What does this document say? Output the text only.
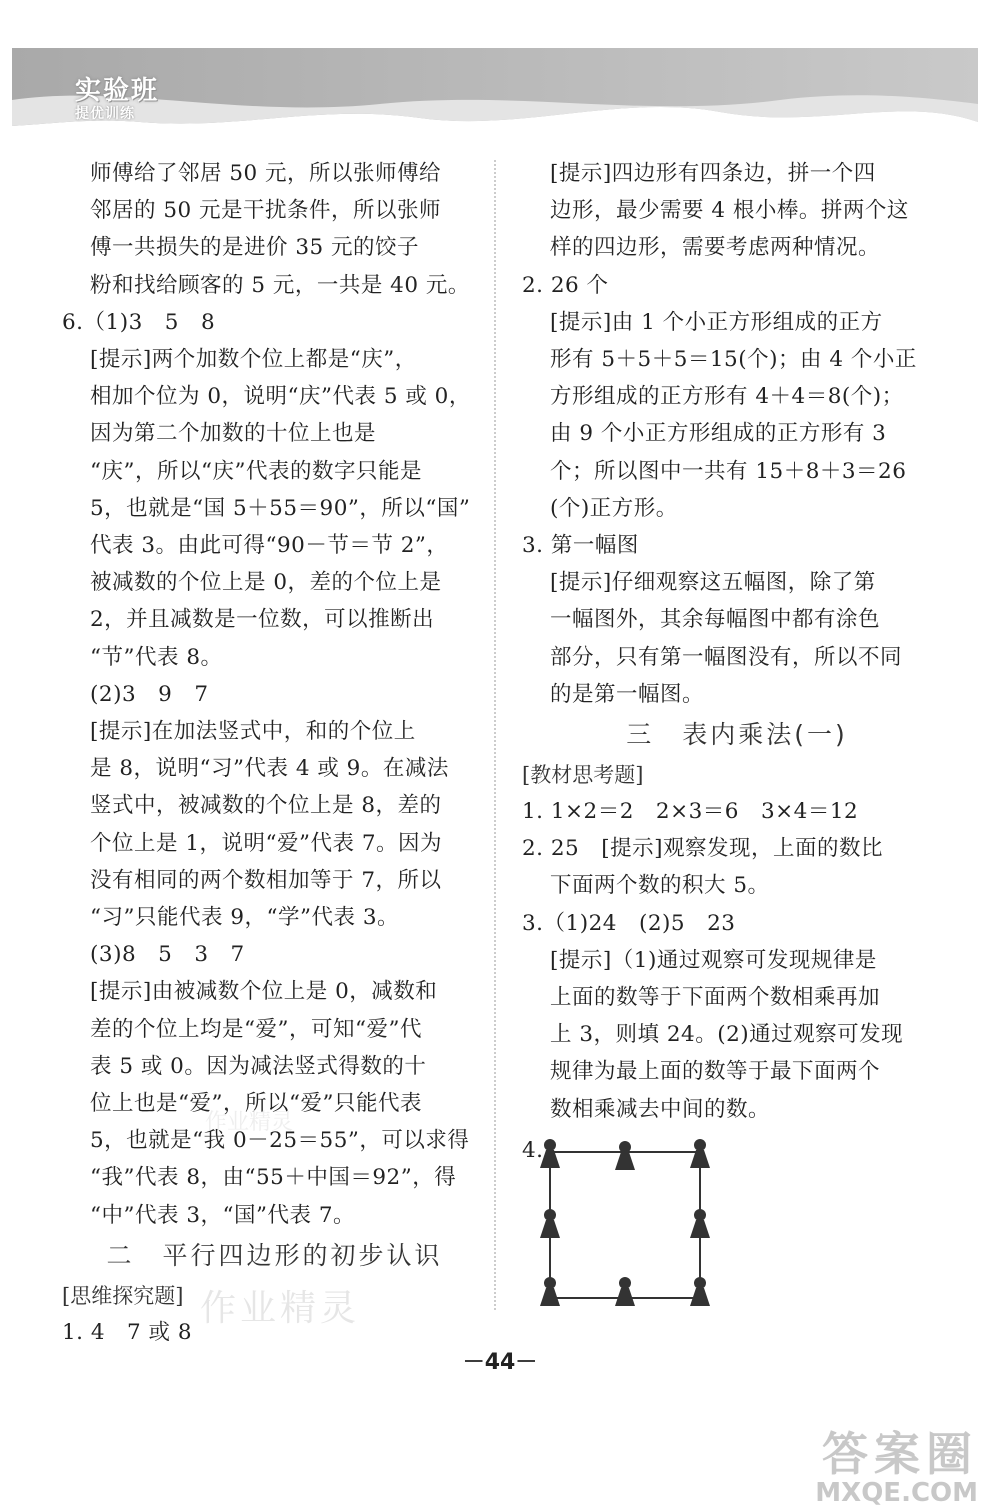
实验班
提优训练
师傅给了邻居 50 元，所以张师傅给
邻居的 50 元是干扰条件，所以张师
傅一共损失的是进价 35 元的饺子
粉和找给顾客的 5 元，一共是 40 元。
6.（1)3　5　8
[提示]两个加数个位上都是“庆”，
相加个位为 0，说明“庆”代表 5 或 0，
因为第二个加数的十位上也是
“庆”，所以“庆”代表的数字只能是
5，也就是“国 5＋55＝90”，所以“国”
代表 3。由此可得“90－节＝节 2”，
被减数的个位上是 0，差的个位上是
2，并且减数是一位数，可以推断出
“节”代表 8。
(2)3　9　7
[提示]在加法竖式中，和的个位上
是 8，说明“习”代表 4 或 9。在减法
竖式中，被减数的个位上是 8，差的
个位上是 1，说明“爱”代表 7。因为
没有相同的两个数相加等于 7，所以
“习”只能代表 9，“学”代表 3。
(3)8　5　3　7
[提示]由被减数个位上是 0，减数和
差的个位上均是“爱”，可知“爱”代
表 5 或 0。因为减法竖式得数的十
位上也是“爱”，所以“爱”只能代表
5，也就是“我 0－25＝55”，可以求得
“我”代表 8，由“55＋中国＝92”，得
“中”代表 3，“国”代表 7。
二　平行四边形的初步认识
[思维探究题]
1. 4　7 或 8
[提示]四边形有四条边，拼一个四
边形，最少需要 4 根小棒。拼两个这
样的四边形，需要考虑两种情况。
2. 26 个
[提示]由 1 个小正方形组成的正方
形有 5＋5＋5＝15(个)；由 4 个小正
方形组成的正方形有 4＋4＝8(个)；
由 9 个小正方形组成的正方形有 3
个；所以图中一共有 15＋8＋3＝26
(个)正方形。
3. 第一幅图
[提示]仔细观察这五幅图，除了第
一幅图外，其余每幅图中都有涂色
部分，只有第一幅图没有，所以不同
的是第一幅图。
三　表内乘法(一)
[教材思考题]
1. 1×2＝2　2×3＝6　3×4＝12
2. 25　[提示]观察发现，上面的数比
下面两个数的积大 5。
3.（1)24　(2)5　23
[提示]（1)通过观察可发现规律是
上面的数等于下面两个数相乘再加
上 3，则填 24。(2)通过观察可发现
规律为最上面的数等于最下面两个
数相乘减去中间的数。
4.
作业精灵
作业精灵
答案圈
MXQE.COM
－44－
